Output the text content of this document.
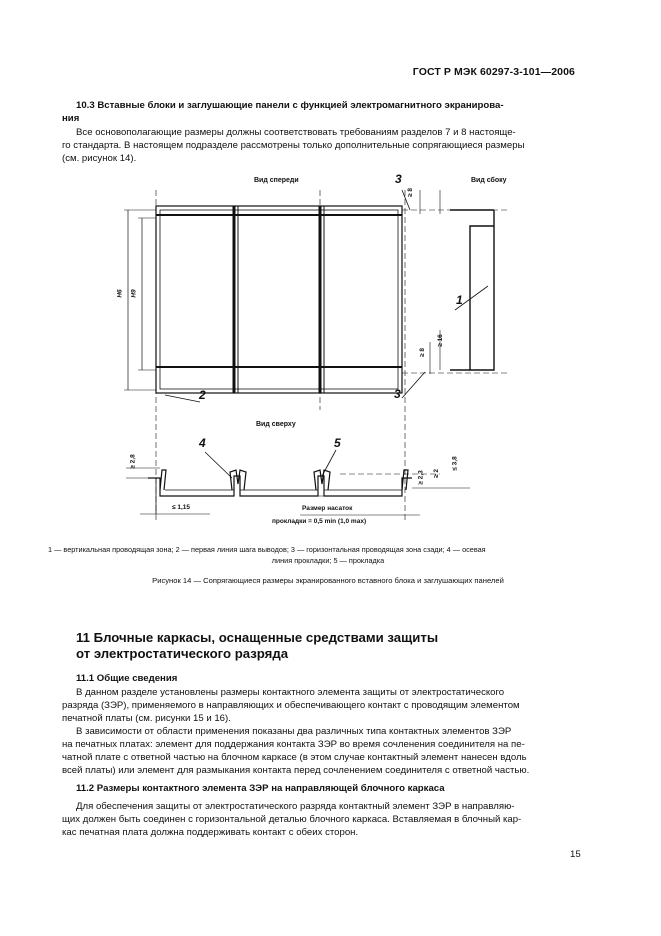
ГОСТ Р МЭК 60297-3-101—2006
10.3 Вставные блоки и заглушающие панели с функцией электромагнитного экранирова-
ния
Все основополагающие размеры должны соответствовать требованиям разделов 7 и 8 настояще-
го стандарта. В настоящем подразделе рассмотрены только дополнительные сопрягающиеся размеры
(см. рисунок 14).
Вид спереди	Вид сбоку
Вид сверху
H6 H9
≥ 8
≥ 16
≥ 8
≥ 2,8
≤ 1,15
≥ 2,3 ≥ 2
≤ 3,8
Размер насаток
прокладки = 0,5 min (1,0 max)
1
2
3
3
4	5
1 — вертикальная проводящая зона; 2 — первая линия шага выводов; 3 — горизонтальная проводящая зона сзади; 4 — осевая
линия прокладки; 5 — прокладка
Рисунок 14 — Сопрягающиеся размеры экранированного вставного блока и заглушающих панелей
11 Блочные каркасы, оснащенные средствами защиты
от электростатического разряда
11.1 Общие сведения
В данном разделе установлены размеры контактного элемента защиты от электростатического
разряда (ЗЭР), применяемого в направляющих и обеспечивающего контакт с проводящим элементом
печатной платы (см. рисунки 15 и 16).
В зависимости от области применения показаны два различных типа контактных элементов ЗЭР
на печатных платах: элемент для поддержания контакта ЗЭР во время сочленения соединителя на пе-
чатной плате с ответной частью на блочном каркасе (в этом случае контактный элемент нанесен вдоль
всей платы) или элемент для размыкания контакта перед сочленением соединителя с ответной частью.
11.2 Размеры контактного элемента ЗЭР на направляющей блочного каркаса
Для обеспечения защиты от электростатического разряда контактный элемент ЗЭР в направляю-
щих должен быть соединен с горизонтальной деталью блочного каркаса. Вставляемая в блочный кар-
кас печатная плата должна поддерживать контакт с обеих сторон.
15
